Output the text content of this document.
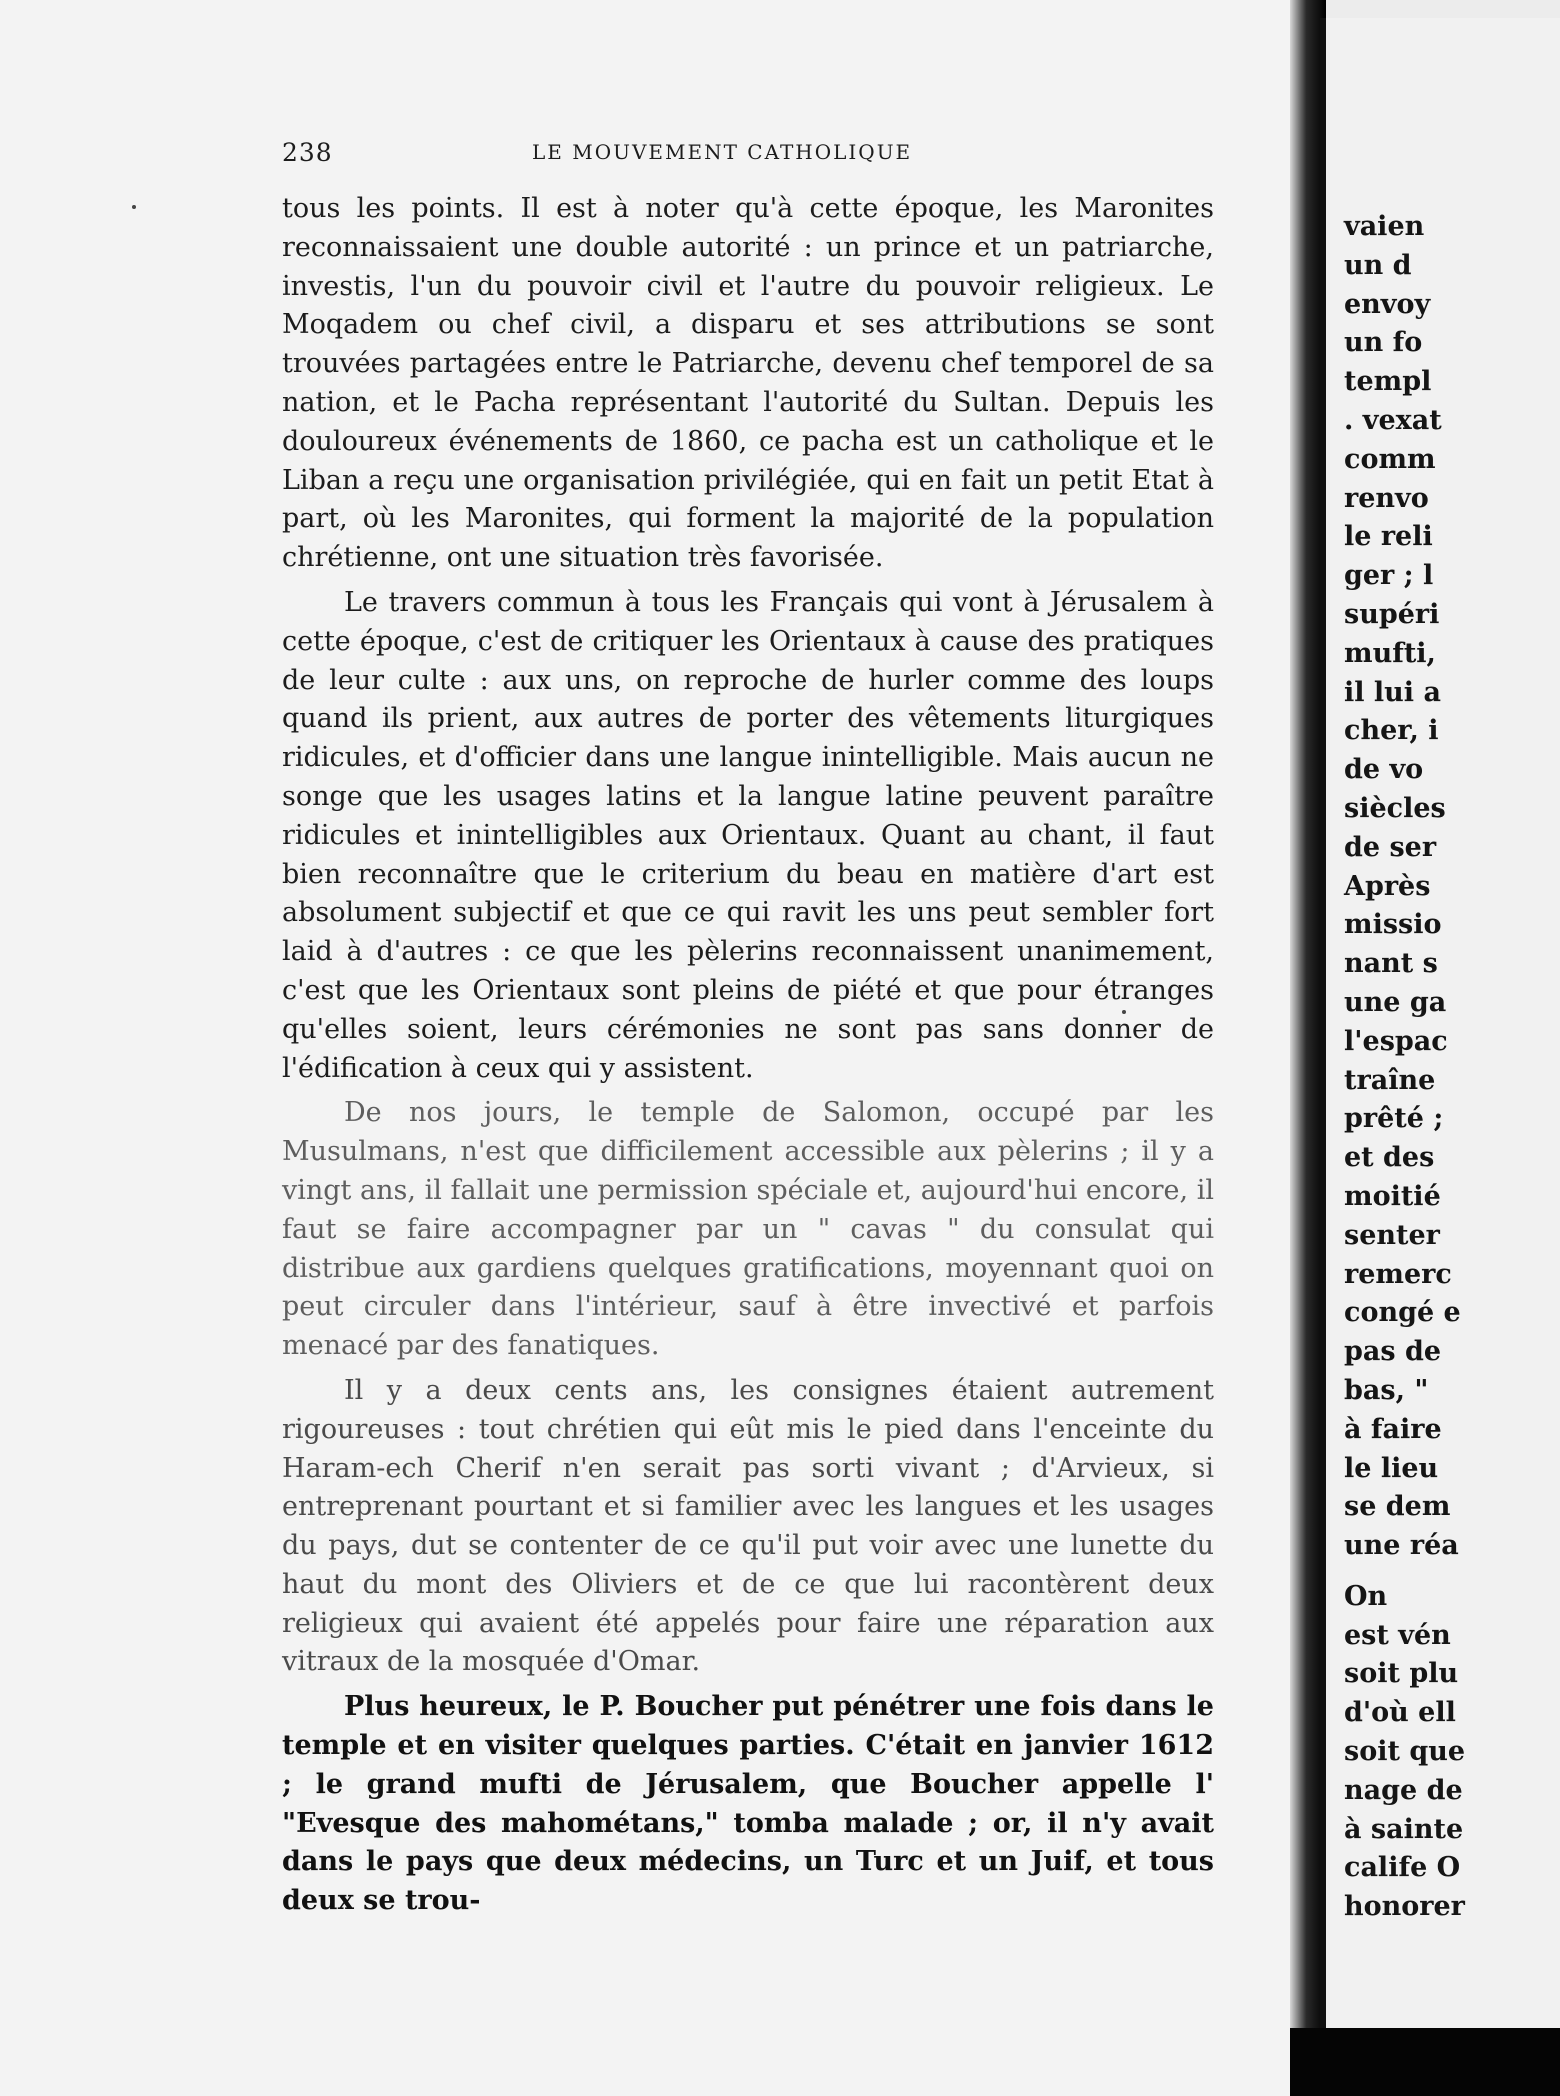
238	LE MOUVEMENT CATHOLIQUE

tous les points. Il est à noter qu'à cette époque, les Maronites reconnaissaient une double autorité : un prince et un patriarche, investis, l'un du pouvoir civil et l'autre du pouvoir religieux. Le Moqadem ou chef civil, a disparu et ses attributions se sont trouvées partagées entre le Patriarche, devenu chef temporel de sa nation, et le Pacha représentant l'autorité du Sultan. Depuis les douloureux événements de 1860, ce pacha est un catholique et le Liban a reçu une organisation privilégiée, qui en fait un petit Etat à part, où les Maronites, qui forment la majorité de la population chrétienne, ont une situation très favorisée.

Le travers commun à tous les Français qui vont à Jérusalem à cette époque, c'est de critiquer les Orientaux à cause des pratiques de leur culte : aux uns, on reproche de hurler comme des loups quand ils prient, aux autres de porter des vêtements liturgiques ridicules, et d'officier dans une langue inintelligible. Mais aucun ne songe que les usages latins et la langue latine peuvent paraître ridicules et inintelligibles aux Orientaux. Quant au chant, il faut bien reconnaître que le criterium du beau en matière d'art est absolument subjectif et que ce qui ravit les uns peut sembler fort laid à d'autres : ce que les pèlerins reconnaissent unanimement, c'est que les Orientaux sont pleins de piété et que pour étranges qu'elles soient, leurs cérémonies ne sont pas sans donner de l'édification à ceux qui y assistent.

De nos jours, le temple de Salomon, occupé par les Musulmans, n'est que difficilement accessible aux pèlerins ; il y a vingt ans, il fallait une permission spéciale et, aujourd'hui encore, il faut se faire accompagner par un " cavas " du consulat qui distribue aux gardiens quelques gratifications, moyennant quoi on peut circuler dans l'intérieur, sauf à être invectivé et parfois menacé par des fanatiques.

Il y a deux cents ans, les consignes étaient autrement rigoureuses : tout chrétien qui eût mis le pied dans l'enceinte du Haram-ech Cherif n'en serait pas sorti vivant ; d'Arvieux, si entreprenant pourtant et si familier avec les langues et les usages du pays, dut se contenter de ce qu'il put voir avec une lunette du haut du mont des Oliviers et de ce que lui racontèrent deux religieux qui avaient été appelés pour faire une réparation aux vitraux de la mosquée d'Omar.

Plus heureux, le P. Boucher put pénétrer une fois dans le temple et en visiter quelques parties. C'était en janvier 1612 ; le grand mufti de Jérusalem, que Boucher appelle l' "Evesque des mahométans," tomba malade ; or, il n'y avait dans le pays que deux médecins, un Turc et un Juif, et tous deux se trou-

vaien
un d
envoy
un fo
templ
. vexat
comm
renvo
le reli
ger ; l
supéri
mufti,
il lui a
cher, i
de vo
siècles
de ser
Après
missio
nant s
une ga
l'espac
traîne
prêté ;
et des
moitié
senter
remerc
congé e
pas de
bas, "
à faire
le lieu
se dem
une réa
On
est vén
soit plu
d'où ell
soit que
nage de
à sainte
calife O
honorer
